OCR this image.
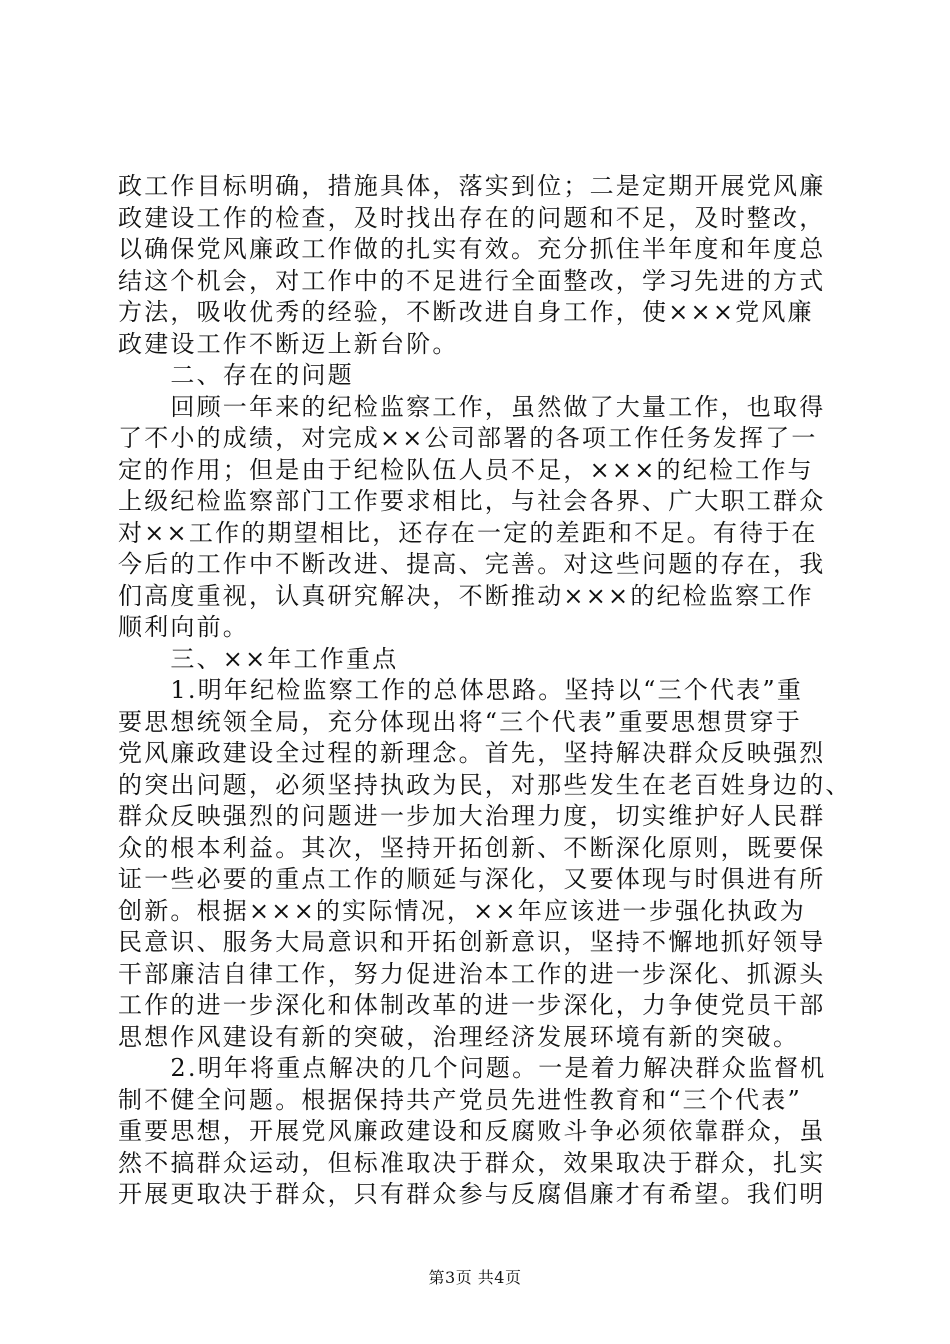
政工作目标明确，措施具体，落实到位；二是定期开展党风廉
政建设工作的检查，及时找出存在的问题和不足，及时整改，
以确保党风廉政工作做的扎实有效。充分抓住半年度和年度总
结这个机会，对工作中的不足进行全面整改，学习先进的方式
方法，吸收优秀的经验，不断改进自身工作，使×××党风廉
政建设工作不断迈上新台阶。
　　二、存在的问题
　　回顾一年来的纪检监察工作，虽然做了大量工作，也取得
了不小的成绩，对完成××公司部署的各项工作任务发挥了一
定的作用；但是由于纪检队伍人员不足，×××的纪检工作与
上级纪检监察部门工作要求相比，与社会各界、广大职工群众
对××工作的期望相比，还存在一定的差距和不足。有待于在
今后的工作中不断改进、提高、完善。对这些问题的存在，我
们高度重视，认真研究解决，不断推动×××的纪检监察工作
顺利向前。
　　三、××年工作重点
　　1.明年纪检监察工作的总体思路。坚持以“三个代表”重
要思想统领全局，充分体现出将“三个代表”重要思想贯穿于
党风廉政建设全过程的新理念。首先，坚持解决群众反映强烈
的突出问题，必须坚持执政为民，对那些发生在老百姓身边的、
群众反映强烈的问题进一步加大治理力度，切实维护好人民群
众的根本利益。其次，坚持开拓创新、不断深化原则，既要保
证一些必要的重点工作的顺延与深化，又要体现与时俱进有所
创新。根据×××的实际情况，××年应该进一步强化执政为
民意识、服务大局意识和开拓创新意识，坚持不懈地抓好领导
干部廉洁自律工作，努力促进治本工作的进一步深化、抓源头
工作的进一步深化和体制改革的进一步深化，力争使党员干部
思想作风建设有新的突破，治理经济发展环境有新的突破。
　　2.明年将重点解决的几个问题。一是着力解决群众监督机
制不健全问题。根据保持共产党员先进性教育和“三个代表”
重要思想，开展党风廉政建设和反腐败斗争必须依靠群众，虽
然不搞群众运动，但标准取决于群众，效果取决于群众，扎实
开展更取决于群众，只有群众参与反腐倡廉才有希望。我们明
第3页 共4页
